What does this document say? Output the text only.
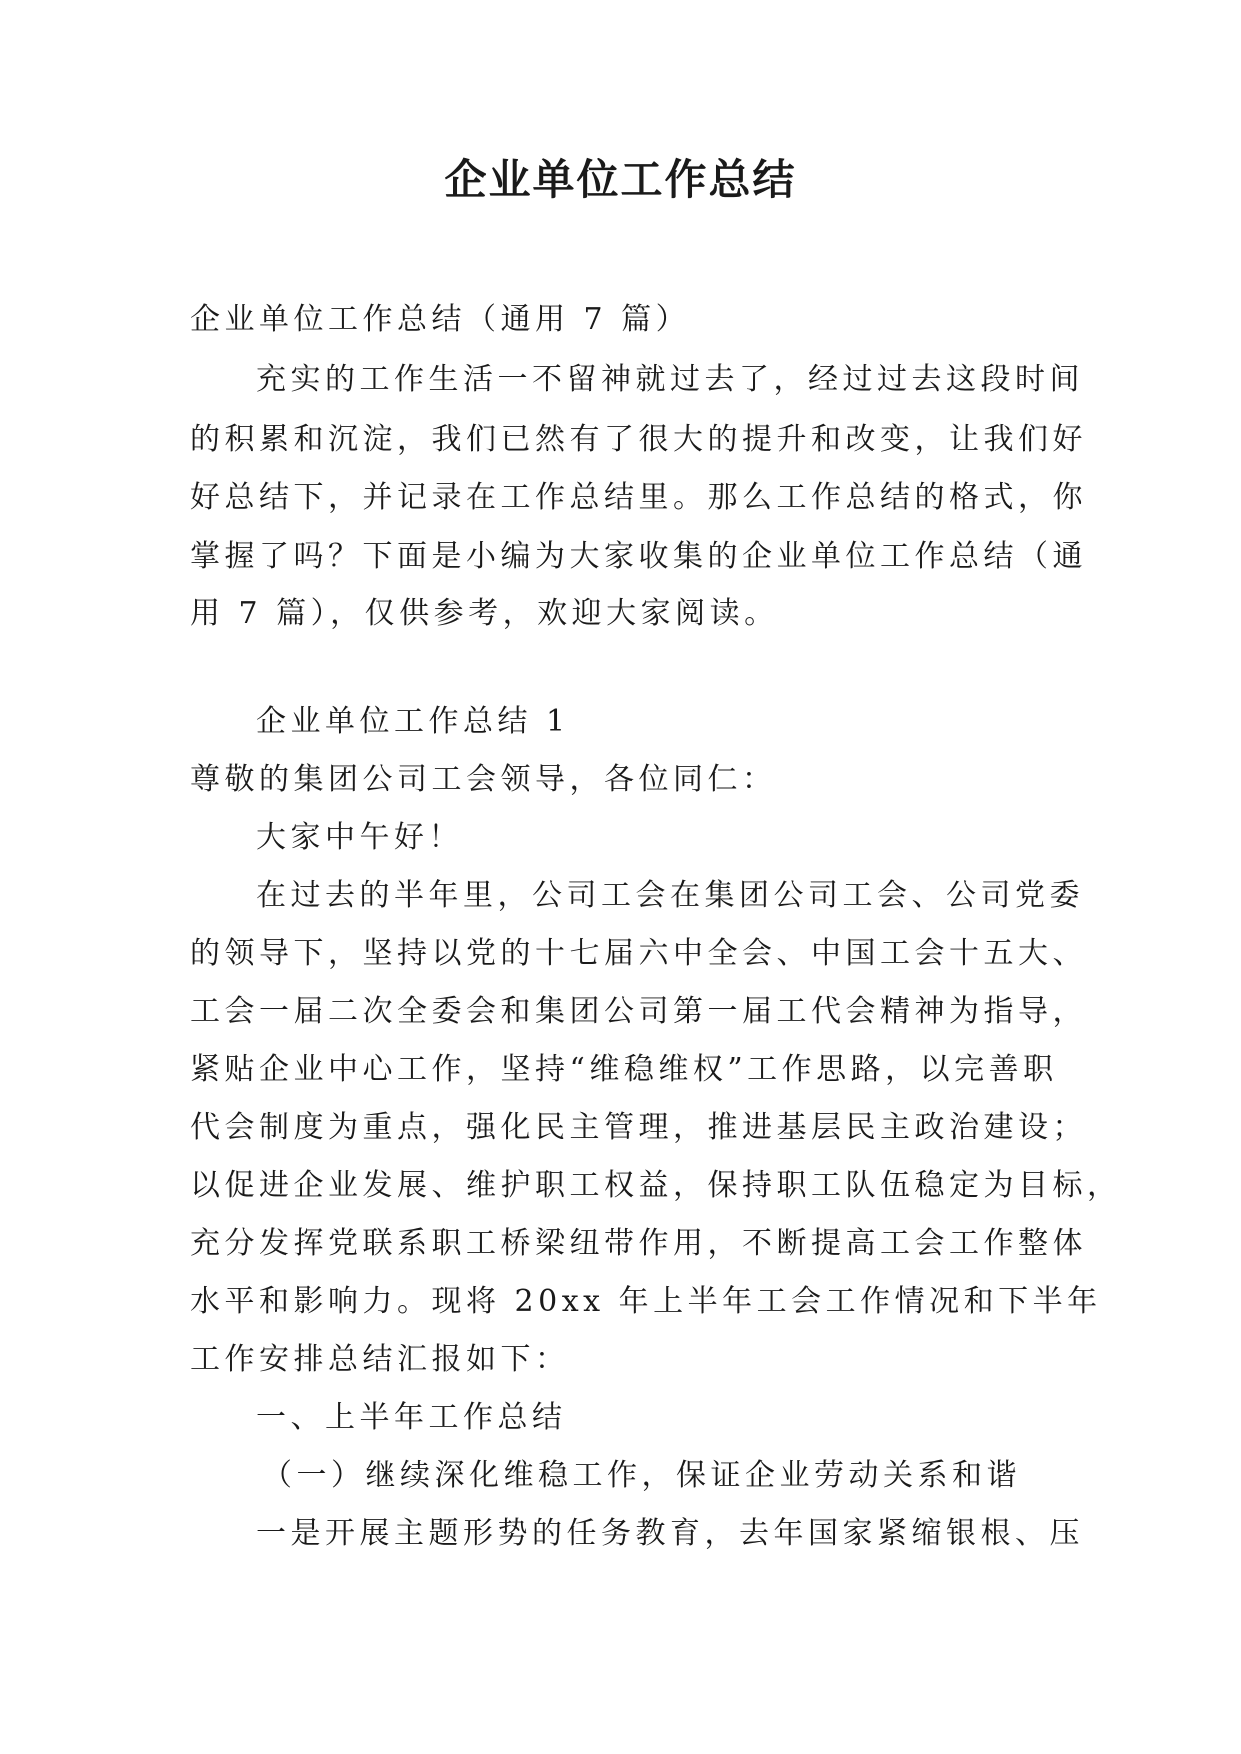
企业单位工作总结
企业单位工作总结（通用 7 篇）
充实的工作生活一不留神就过去了，经过过去这段时间
的积累和沉淀，我们已然有了很大的提升和改变，让我们好
好总结下，并记录在工作总结里。那么工作总结的格式，你
掌握了吗？下面是小编为大家收集的企业单位工作总结（通
用 7 篇），仅供参考，欢迎大家阅读。
企业单位工作总结 1
尊敬的集团公司工会领导，各位同仁：
大家中午好！
在过去的半年里，公司工会在集团公司工会、公司党委
的领导下，坚持以党的十七届六中全会、中国工会十五大、
工会一届二次全委会和集团公司第一届工代会精神为指导，
紧贴企业中心工作，坚持“维稳维权”工作思路，以完善职
代会制度为重点，强化民主管理，推进基层民主政治建设；
以促进企业发展、维护职工权益，保持职工队伍稳定为目标，
充分发挥党联系职工桥梁纽带作用，不断提高工会工作整体
水平和影响力。现将 20xx 年上半年工会工作情况和下半年
工作安排总结汇报如下：
一、上半年工作总结
（一）继续深化维稳工作，保证企业劳动关系和谐
一是开展主题形势的任务教育，去年国家紧缩银根、压
